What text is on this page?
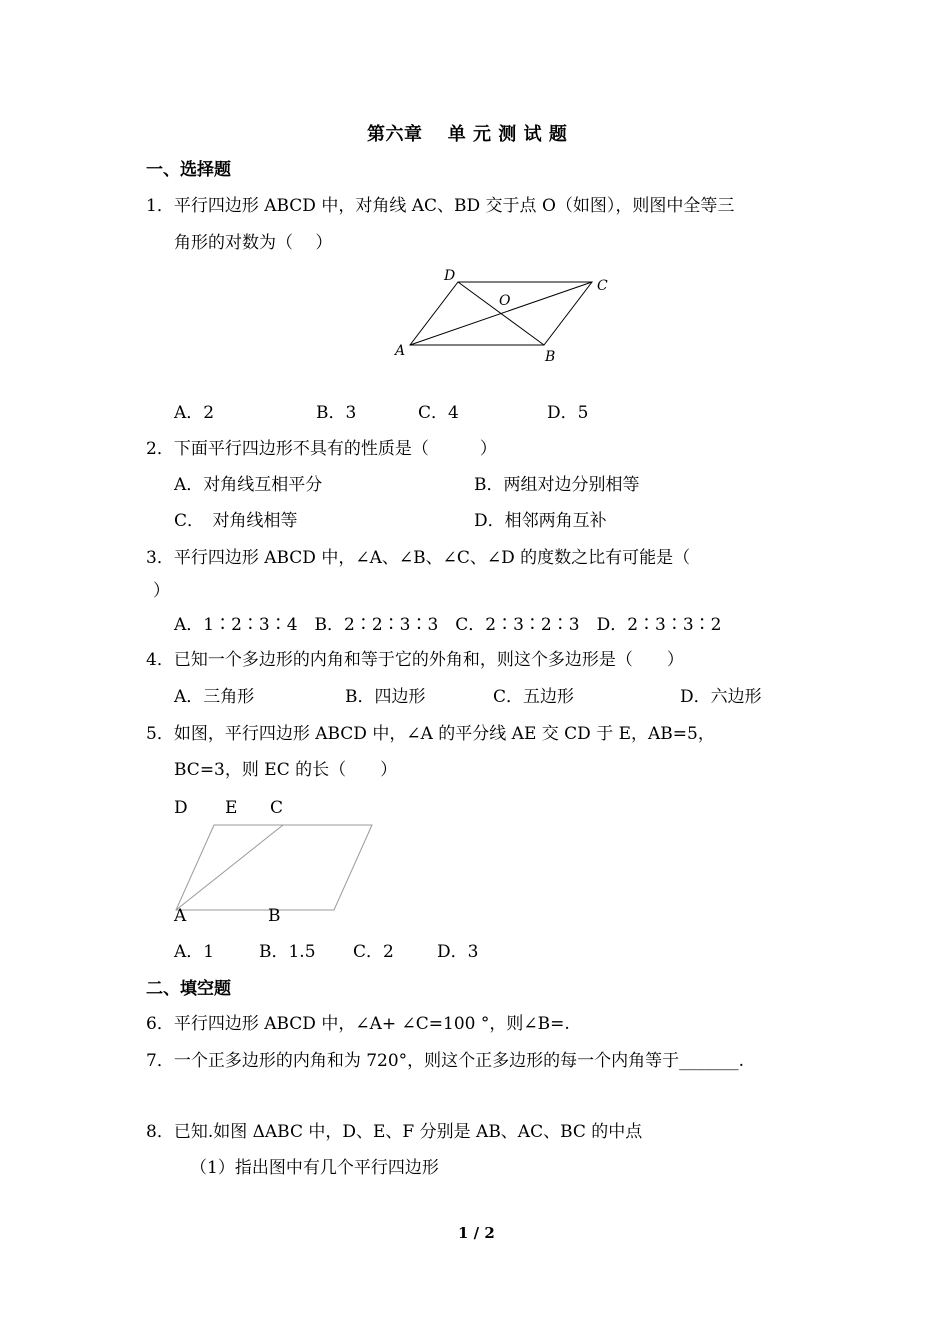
第六章　 单 元 测 试 题
一、选择题
1．平行四边形 ABCD 中，对角线 AC、BD 交于点 O（如图），则图中全等三
角形的对数为（　 ）
D
C
O
A	B
A．2	B．3	C．4	D．5
2．下面平行四边形不具有的性质是（　　　）
A．对角线互相平分	B．两组对边分别相等
C．　对角线相等	D．相邻两角互补
3．平行四边形 ABCD 中，∠A、∠B、∠C、∠D 的度数之比有可能是（
）
A．1∶2∶3∶4　B．2∶2∶3∶3　C．2∶3∶2∶3　D．2∶3∶3∶2
4．已知一个多边形的内角和等于它的外角和，则这个多边形是（　　）
A．三角形	B．四边形	C．五边形	D．六边形
5．如图，平行四边形 ABCD 中，∠A 的平分线 AE 交 CD 于 E，AB=5，
BC=3，则 EC 的长（　　）
D E C
A	B
A．1	B．1.5 C．2	D．3
二、填空题
6．平行四边形 ABCD 中，∠A+ ∠C=100 °，则∠B=.
7．一个正多边形的内角和为 720°，则这个正多边形的每一个内角等于_______.
8．已知.如图 ΔABC 中，D、E、F 分别是 AB、AC、BC 的中点
（1）指出图中有几个平行四边形
1 / 2
